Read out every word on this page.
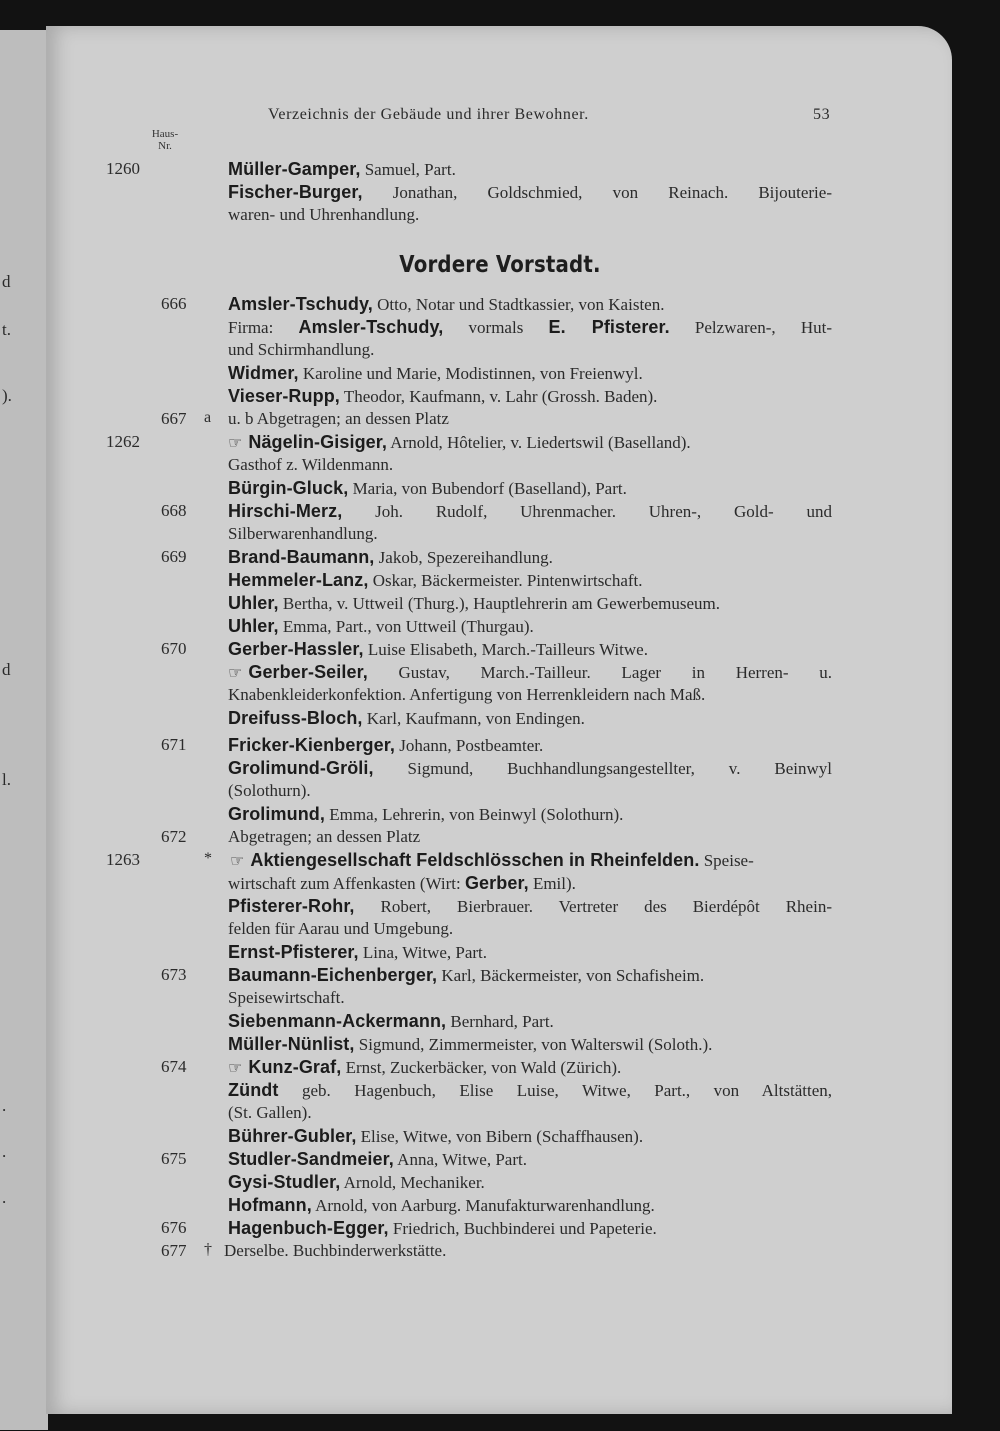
d
t.
).
d
l.
.
.
.
Verzeichnis der Gebäude und ihrer Bewohner.	53
Haus-
Nr.
Vordere Vorstadt.
1260	Müller-Gamper, Samuel, Part.
Fischer-Burger, Jonathan, Goldschmied, von Reinach. Bijouterie-
waren- und Uhrenhandlung.
666 Amsler-Tschudy, Otto, Notar und Stadtkassier, von Kaisten.
Firma: Amsler-Tschudy, vormals E. Pfisterer. Pelzwaren-, Hut-
und Schirmhandlung.
Widmer, Karoline und Marie, Modistinnen, von Freienwyl.
Vieser-Rupp, Theodor, Kaufmann, v. Lahr (Grossh. Baden).
667 a u. b Abgetragen; an dessen Platz
1262	☞ Nägelin-Gisiger, Arnold, Hôtelier, v. Liedertswil (Baselland).
Gasthof z. Wildenmann.
Bürgin-Gluck, Maria, von Bubendorf (Baselland), Part.
668 Hirschi-Merz, Joh. Rudolf, Uhrenmacher. Uhren-, Gold- und
Silberwarenhandlung.
669 Brand-Baumann, Jakob, Spezereihandlung.
Hemmeler-Lanz, Oskar, Bäckermeister. Pintenwirtschaft.
Uhler, Bertha, v. Uttweil (Thurg.), Hauptlehrerin am Gewerbemuseum.
Uhler, Emma, Part., von Uttweil (Thurgau).
670 Gerber-Hassler, Luise Elisabeth, March.-Tailleurs Witwe.
☞ Gerber-Seiler, Gustav, March.-Tailleur. Lager in Herren- u.
Knabenkleiderkonfektion. Anfertigung von Herrenkleidern nach Maß.
Dreifuss-Bloch, Karl, Kaufmann, von Endingen.
671 Fricker-Kienberger, Johann, Postbeamter.
Grolimund-Gröli, Sigmund, Buchhandlungsangestellter, v. Beinwyl
(Solothurn).
Grolimund, Emma, Lehrerin, von Beinwyl (Solothurn).
672 Abgetragen; an dessen Platz
1263	* ☞ Aktiengesellschaft Feldschlösschen in Rheinfelden. Speise-
wirtschaft zum Affenkasten (Wirt: Gerber, Emil).
Pfisterer-Rohr, Robert, Bierbrauer. Vertreter des Bierdépôt Rhein-
felden für Aarau und Umgebung.
Ernst-Pfisterer, Lina, Witwe, Part.
673 Baumann-Eichenberger, Karl, Bäckermeister, von Schafisheim.
Speisewirtschaft.
Siebenmann-Ackermann, Bernhard, Part.
Müller-Nünlist, Sigmund, Zimmermeister, von Walterswil (Soloth.).
674	☞ Kunz-Graf, Ernst, Zuckerbäcker, von Wald (Zürich).
Zündt geb. Hagenbuch, Elise Luise, Witwe, Part., von Altstätten,
(St. Gallen).
Bührer-Gubler, Elise, Witwe, von Bibern (Schaffhausen).
675 Studler-Sandmeier, Anna, Witwe, Part.
Gysi-Studler, Arnold, Mechaniker.
Hofmann, Arnold, von Aarburg. Manufakturwarenhandlung.
676 Hagenbuch-Egger, Friedrich, Buchbinderei und Papeterie.
677 † Derselbe. Buchbinderwerkstätte.
